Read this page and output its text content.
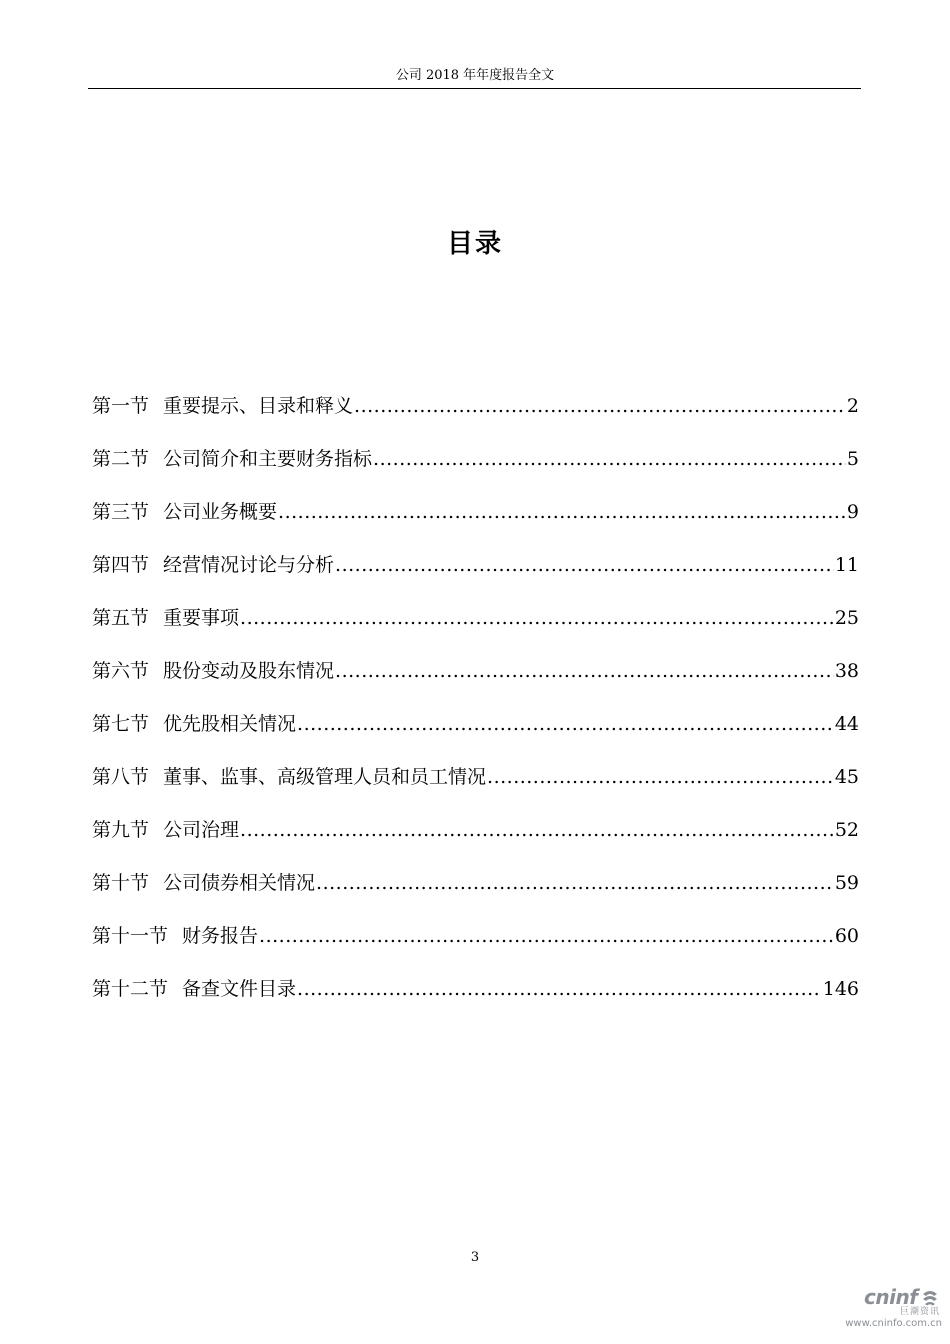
公司 2018 年年度报告全文
目录
第一节 重要提示、目录和释义 .....	2
第二节 公司简介和主要财务指标 .....	5
第三节 公司业务概要 .....	9
第四节 经营情况讨论与分析 .....	11
第五节 重要事项 .....	25
第六节 股份变动及股东情况 .....	38
第七节 优先股相关情况 .....	44
第八节 董事、监事、高级管理人员和员工情况 .....	45
第九节 公司治理 .....	52
第十节 公司债券相关情况 .....	59
第十一节 财务报告 .....	60
第十二节 备查文件目录 .....	146
3
cninf
巨潮资讯
www.cninfo.com.cn
